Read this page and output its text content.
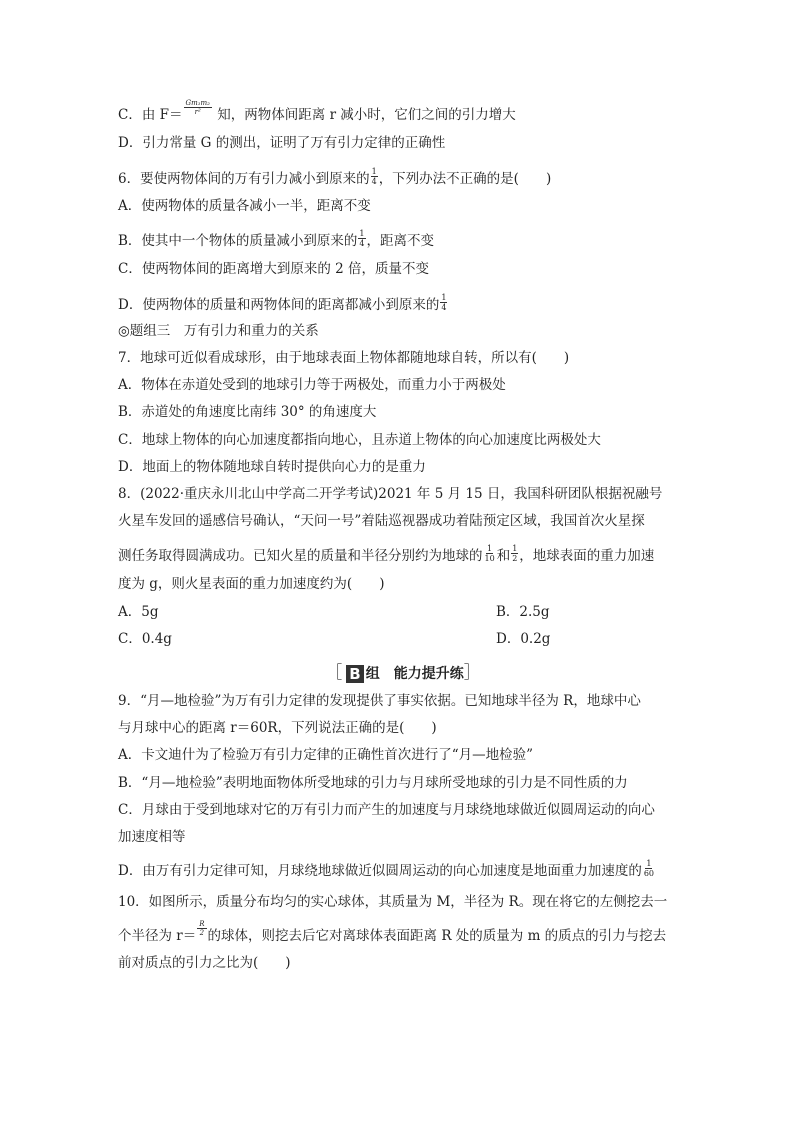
C．由 $F= \frac{\text{Gm₁m₂}}{\text{r²}}$ 知，两物体间距离 r 减小时，它们之间的引力增大
D．引力常量 G 的测出，证明了万有引力定律的正确性
6．要使两物体间的万有引力减小到原来的 $\frac{1}{4}$ ，下列办法不正确的是(　　)
A．使两物体的质量各减小一半，距离不变
B．使其中一个物体的质量减小到原来的 $\frac{1}{4}$ ，距离不变
C．使两物体间的距离增大到原来的 2 倍，质量不变
D．使两物体的质量和两物体间的距离都减小到原来的 $\frac{1}{4}$
◎题组三　万有引力和重力的关系
7．地球可近似看成球形，由于地球表面上物体都随地球自转，所以有(　　)
A．物体在赤道处受到的地球引力等于两极处，而重力小于两极处
B．赤道处的角速度比南纬 30° 的角速度大
C．地球上物体的向心加速度都指向地心，且赤道上物体的向心加速度比两极处大
D．地面上的物体随地球自转时提供向心力的是重力
8．(2022·重庆永川北山中学高二开学考试)2021 年 5 月 15 日，我国科研团队根据祝融号
火星车发回的遥感信号确认，“天问一号”着陆巡视器成功着陆预定区域，我国首次火星探
测任务取得圆满成功。已知火星的质量和半径分别约为地球的 $\frac{1}{10}$ 和 $\frac{1}{2}$ ，地球表面的重力加速
度为 g，则火星表面的重力加速度约为(　　)
A．5g	B．2.5g
C．0.4g	D．0.2g
［ B 组　能力提升练］
9．“月—地检验”为万有引力定律的发现提供了事实依据。已知地球半径为 R，地球中心
与月球中心的距离 r＝60R，下列说法正确的是(　　)
A．卡文迪什为了检验万有引力定律的正确性首次进行了“月—地检验”
B．“月—地检验”表明地面物体所受地球的引力与月球所受地球的引力是不同性质的力
C．月球由于受到地球对它的万有引力而产生的加速度与月球绕地球做近似圆周运动的向心
加速度相等
D．由万有引力定律可知，月球绕地球做近似圆周运动的向心加速度是地面重力加速度的 $\frac{1}{60}$
10．如图所示，质量分布均匀的实心球体，其质量为 M，半径为 R。现在将它的左侧挖去一
个半径为 $r= \frac{R}{2}$ 的球体，则挖去后它对离球体表面距离 R 处的质量为 m 的质点的引力与挖去
前对质点的引力之比为(　　)
